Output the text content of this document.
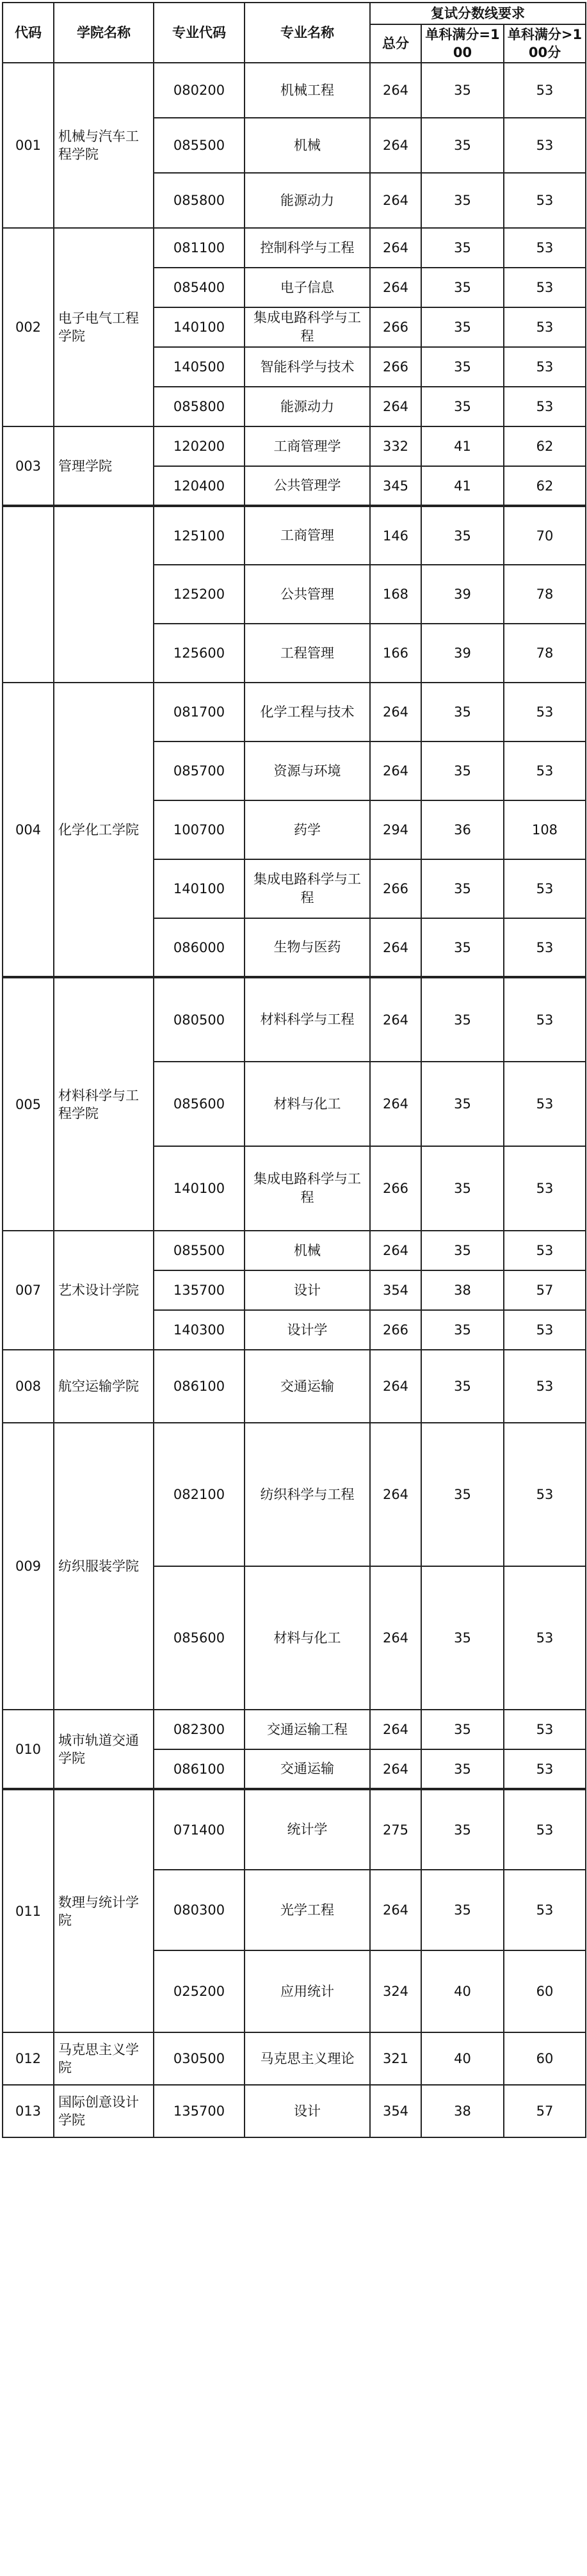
代码	学院名称	专业代码	专业名称	复试分数线要求		
				总分	单科满分=100	单科满分>100分
001	机械与汽车工程学院	080200	机械工程	264	35	53
		085500	机械	264	35	53
		085800	能源动力	264	35	53
002	电子电气工程学院	081100	控制科学与工程	264	35	53
		085400	电子信息	264	35	53
		140100	集成电路科学与工程	266	35	53
		140500	智能科学与技术	266	35	53
		085800	能源动力	264	35	53
003	管理学院	120200	工商管理学	332	41	62
		120400	公共管理学	345	41	62
		125100	工商管理	146	35	70
		125200	公共管理	168	39	78
		125600	工程管理	166	39	78
004	化学化工学院	081700	化学工程与技术	264	35	53
		085700	资源与环境	264	35	53
		100700	药学	294	36	108
		140100	集成电路科学与工程	266	35	53
		086000	生物与医药	264	35	53
005	材料科学与工程学院	080500	材料科学与工程	264	35	53
		085600	材料与化工	264	35	53
		140100	集成电路科学与工程	266	35	53
007	艺术设计学院	085500	机械	264	35	53
		135700	设计	354	38	57
		140300	设计学	266	35	53
008	航空运输学院	086100	交通运输	264	35	53
009	纺织服装学院	082100	纺织科学与工程	264	35	53
		085600	材料与化工	264	35	53
010	城市轨道交通学院	082300	交通运输工程	264	35	53
		086100	交通运输	264	35	53
011	数理与统计学院	071400	统计学	275	35	53
		080300	光学工程	264	35	53
		025200	应用统计	324	40	60
012	马克思主义学院	030500	马克思主义理论	321	40	60
013	国际创意设计学院	135700	设计	354	38	57
